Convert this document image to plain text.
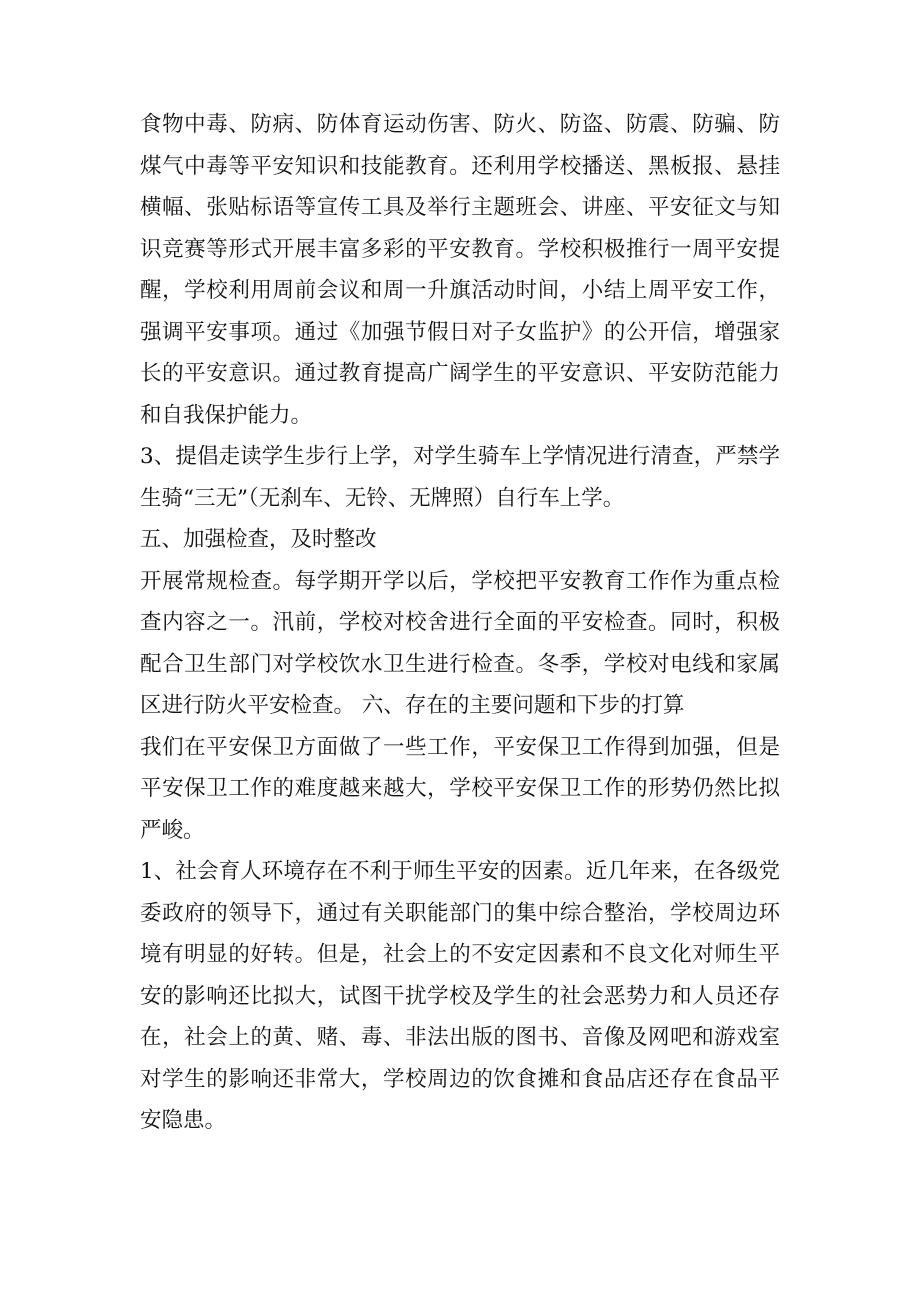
食物中毒、防病、防体育运动伤害、防火、防盗、防震、防骗、防
煤气中毒等平安知识和技能教育。还利用学校播送、黑板报、悬挂
横幅、张贴标语等宣传工具及举行主题班会、讲座、平安征文与知
识竞赛等形式开展丰富多彩的平安教育。学校积极推行一周平安提
醒，学校利用周前会议和周一升旗活动时间，小结上周平安工作，
强调平安事项。通过《加强节假日对子女监护》的公开信，增强家
长的平安意识。通过教育提高广阔学生的平安意识、平安防范能力
和自我保护能力。
3、提倡走读学生步行上学，对学生骑车上学情况进行清查，严禁学
生骑“三无”（无刹车、无铃、无牌照）自行车上学。
五、加强检查，及时整改
开展常规检查。每学期开学以后，学校把平安教育工作作为重点检
查内容之一。汛前，学校对校舍进行全面的平安检查。同时，积极
配合卫生部门对学校饮水卫生进行检查。冬季，学校对电线和家属
区进行防火平安检查。 六、存在的主要问题和下步的打算
我们在平安保卫方面做了一些工作，平安保卫工作得到加强，但是
平安保卫工作的难度越来越大，学校平安保卫工作的形势仍然比拟
严峻。
1、社会育人环境存在不利于师生平安的因素。近几年来，在各级党
委政府的领导下，通过有关职能部门的集中综合整治，学校周边环
境有明显的好转。但是，社会上的不安定因素和不良文化对师生平
安的影响还比拟大，试图干扰学校及学生的社会恶势力和人员还存
在，社会上的黄、赌、毒、非法出版的图书、音像及网吧和游戏室
对学生的影响还非常大，学校周边的饮食摊和食品店还存在食品平
安隐患。
